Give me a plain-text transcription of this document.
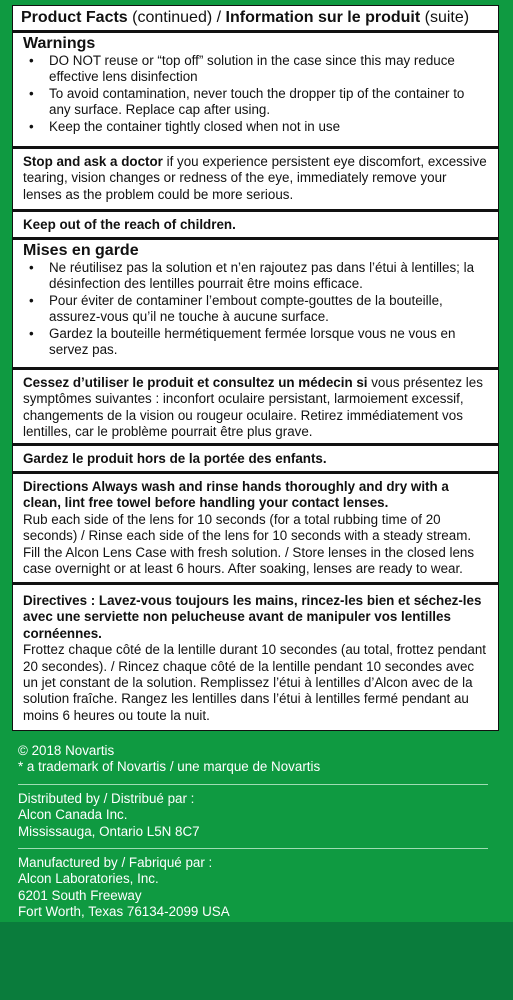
Product Facts (continued) / Information sur le produit (suite)
Warnings
• DO NOT reuse or “top off” solution in the case since this may reduce effective lens disinfection
• To avoid contamination, never touch the dropper tip of the container to any surface. Replace cap after using.
• Keep the container tightly closed when not in use
Stop and ask a doctor if you experience persistent eye discomfort, excessive tearing, vision changes or redness of the eye, immediately remove your lenses as the problem could be more serious.
Keep out of the reach of children.
Mises en garde
• Ne réutilisez pas la solution et n’en rajoutez pas dans l’étui à lentilles; la désinfection des lentilles pourrait être moins efficace.
• Pour éviter de contaminer l’embout compte-gouttes de la bouteille, assurez-vous qu’il ne touche à aucune surface.
• Gardez la bouteille hermétiquement fermée lorsque vous ne vous en servez pas.
Cessez d’utiliser le produit et consultez un médecin si vous présentez les symptômes suivantes : inconfort oculaire persistant, larmoiement excessif, changements de la vision ou rougeur oculaire. Retirez immédiatement vos lentilles, car le problème pourrait être plus grave.
Gardez le produit hors de la portée des enfants.
Directions Always wash and rinse hands thoroughly and dry with a clean, lint free towel before handling your contact lenses.
Rub each side of the lens for 10 seconds (for a total rubbing time of 20 seconds) / Rinse each side of the lens for 10 seconds with a steady stream. Fill the Alcon Lens Case with fresh solution. / Store lenses in the closed lens case overnight or at least 6 hours. After soaking, lenses are ready to wear.
Directives : Lavez-vous toujours les mains, rincez-les bien et séchez-les avec une serviette non pelucheuse avant de manipuler vos lentilles cornéennes.
Frottez chaque côté de la lentille durant 10 secondes (au total, frottez pendant 20 secondes). / Rincez chaque côté de la lentille pendant 10 secondes avec un jet constant de la solution. Remplissez l’étui à lentilles d’Alcon avec de la solution fraîche. Rangez les lentilles dans l’étui à lentilles fermé pendant au moins 6 heures ou toute la nuit.
© 2018 Novartis
* a trademark of Novartis / une marque de Novartis
Distributed by / Distribué par :
Alcon Canada Inc.
Mississauga, Ontario L5N 8C7
Manufactured by / Fabriqué par :
Alcon Laboratories, Inc.
6201 South Freeway
Fort Worth, Texas 76134-2099 USA
